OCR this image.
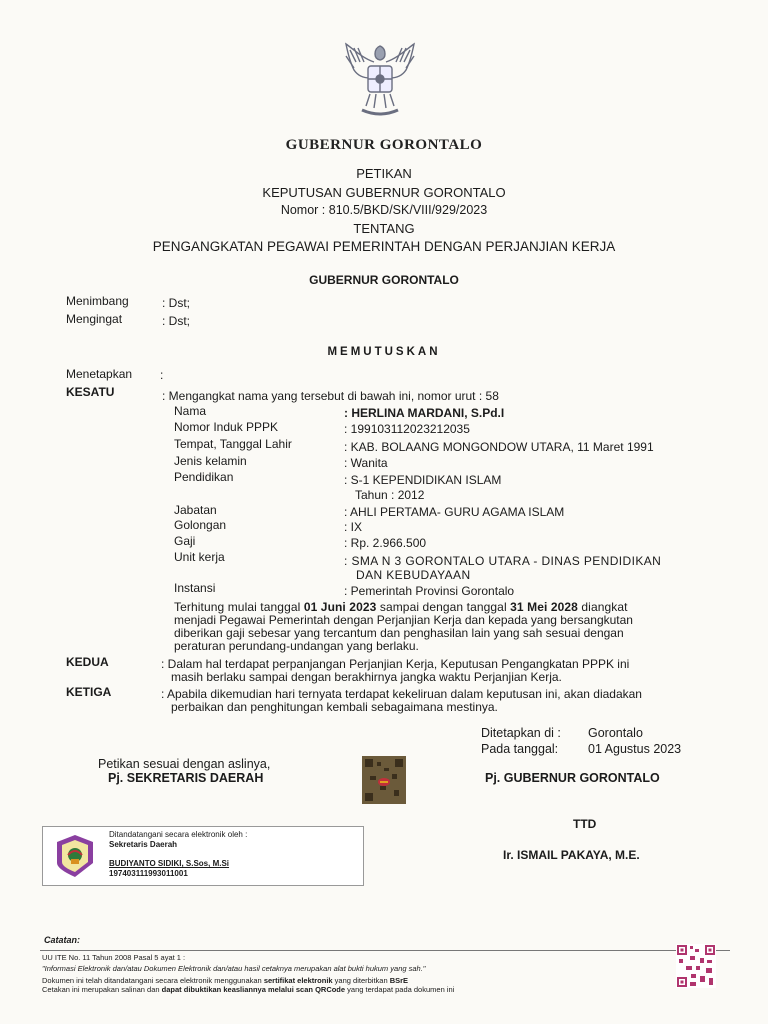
GUBERNUR GORONTALO
PETIKAN
KEPUTUSAN GUBERNUR GORONTALO
Nomor : 810.5/BKD/SK/VIII/929/2023
TENTANG
PENGANGKATAN PEGAWAI PEMERINTAH DENGAN PERJANJIAN KERJA
GUBERNUR GORONTALO
Menimbang	: Dst;
Mengingat	: Dst;
MEMUTUSKAN
Menetapkan :
KESATU	: Mengangkat nama yang tersebut di bawah ini, nomor urut : 58
Nama	: HERLINA MARDANI, S.Pd.I
Nomor Induk PPPK	: 199103112023212035
Tempat, Tanggal Lahir	: KAB. BOLAANG MONGONDOW UTARA, 11 Maret 1991
Jenis kelamin	: Wanita
Pendidikan	: S-1 KEPENDIDIKAN ISLAM
Tahun : 2012
Jabatan	: AHLI PERTAMA- GURU AGAMA ISLAM
Golongan	: IX
Gaji	: Rp. 2.966.500
Unit kerja	: SMA N 3 GORONTALO UTARA - DINAS PENDIDIKAN
DAN KEBUDAYAAN
Instansi	: Pemerintah Provinsi Gorontalo
Terhitung mulai tanggal 01 Juni 2023 sampai dengan tanggal 31 Mei 2028 diangkat
menjadi Pegawai Pemerintah dengan Perjanjian Kerja dan kepada yang bersangkutan
diberikan gaji sebesar yang tercantum dan penghasilan lain yang sah sesuai dengan
peraturan perundang-undangan yang berlaku.
KEDUA	: Dalam hal terdapat perpanjangan Perjanjian Kerja, Keputusan Pengangkatan PPPK ini
masih berlaku sampai dengan berakhirnya jangka waktu Perjanjian Kerja.
KETIGA	: Apabila dikemudian hari ternyata terdapat kekeliruan dalam keputusan ini, akan diadakan
perbaikan dan penghitungan kembali sebagaimana mestinya.
Ditetapkan di : Gorontalo
Pada tanggal: 01 Agustus 2023
Pj. GUBERNUR GORONTALO
TTD
Ir. ISMAIL PAKAYA, M.E.
Petikan sesuai dengan aslinya,
Pj. SEKRETARIS DAERAH
Ditandatangani secara elektronik oleh :
Sekretaris Daerah
BUDIYANTO SIDIKI, S.Sos, M.Si
197403111993011001
Catatan:
UU ITE No. 11 Tahun 2008 Pasal 5 ayat 1 :
"Informasi Elektronik dan/atau Dokumen Elektronik dan/atau hasil cetaknya merupakan alat bukti hukum yang sah."
Dokumen ini telah ditandatangani secara elektronik menggunakan sertifikat elektronik yang diterbitkan BSrE
Cetakan ini merupakan salinan dan dapat dibuktikan keasliannya melalui scan QRCode yang terdapat pada dokumen ini
